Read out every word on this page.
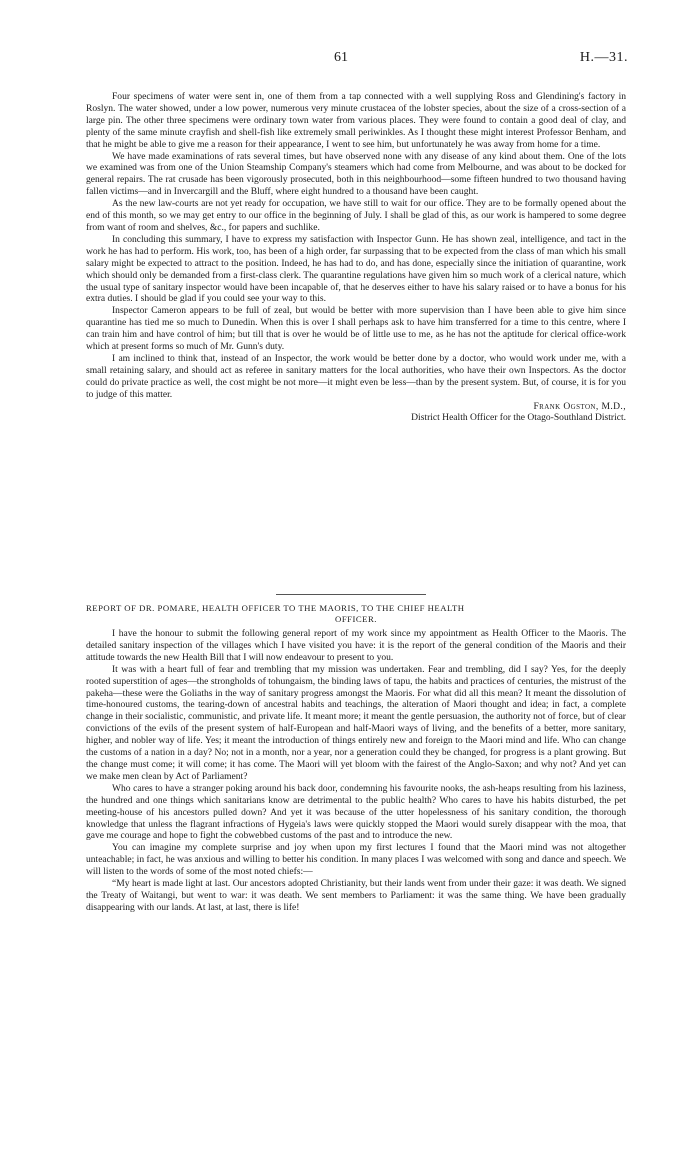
61	H.—31.

Four specimens of water were sent in, one of them from a tap connected with a well supplying Ross and Glendining's factory in Roslyn. The water showed, under a low power, numerous very minute crustacea of the lobster species, about the size of a cross-section of a large pin. The other three specimens were ordinary town water from various places. They were found to contain a good deal of clay, and plenty of the same minute crayfish and shell-fish like extremely small periwinkles. As I thought these might interest Professor Benham, and that he might be able to give me a reason for their appearance, I went to see him, but unfortunately he was away from home for a time.

We have made examinations of rats several times, but have observed none with any disease of any kind about them. One of the lots we examined was from one of the Union Steamship Company's steamers which had come from Melbourne, and was about to be docked for general repairs. The rat crusade has been vigorously prosecuted, both in this neighbourhood—some fifteen hundred to two thousand having fallen victims—and in Invercargill and the Bluff, where eight hundred to a thousand have been caught.

As the new law-courts are not yet ready for occupation, we have still to wait for our office. They are to be formally opened about the end of this month, so we may get entry to our office in the beginning of July. I shall be glad of this, as our work is hampered to some degree from want of room and shelves, &c., for papers and suchlike.

In concluding this summary, I have to express my satisfaction with Inspector Gunn. He has shown zeal, intelligence, and tact in the work he has had to perform. His work, too, has been of a high order, far surpassing that to be expected from the class of man which his small salary might be expected to attract to the position. Indeed, he has had to do, and has done, especially since the initiation of quarantine, work which should only be demanded from a first-class clerk. The quarantine regulations have given him so much work of a clerical nature, which the usual type of sanitary inspector would have been incapable of, that he deserves either to have his salary raised or to have a bonus for his extra duties. I should be glad if you could see your way to this.

Inspector Cameron appears to be full of zeal, but would be better with more supervision than I have been able to give him since quarantine has tied me so much to Dunedin. When this is over I shall perhaps ask to have him transferred for a time to this centre, where I can train him and have control of him; but till that is over he would be of little use to me, as he has not the aptitude for clerical office-work which at present forms so much of Mr. Gunn's duty.

I am inclined to think that, instead of an Inspector, the work would be better done by a doctor, who would work under me, with a small retaining salary, and should act as referee in sanitary matters for the local authorities, who have their own Inspectors. As the doctor could do private practice as well, the cost might be not more—it might even be less—than by the present system. But, of course, it is for you to judge of this matter.

Frank Ogston, M.D.,

District Health Officer for the Otago-Southland District.

REPORT OF DR. POMARE, HEALTH OFFICER TO THE MAORIS, TO THE CHIEF HEALTH
OFFICER.

I have the honour to submit the following general report of my work since my appointment as Health Officer to the Maoris. The detailed sanitary inspection of the villages which I have visited you have: it is the report of the general condition of the Maoris and their attitude towards the new Health Bill that I will now endeavour to present to you.

It was with a heart full of fear and trembling that my mission was undertaken. Fear and trembling, did I say? Yes, for the deeply rooted superstition of ages—the strongholds of tohungaism, the binding laws of tapu, the habits and practices of centuries, the mistrust of the pakeha—these were the Goliaths in the way of sanitary progress amongst the Maoris. For what did all this mean? It meant the dissolution of time-honoured customs, the tearing-down of ancestral habits and teachings, the alteration of Maori thought and idea; in fact, a complete change in their socialistic, communistic, and private life. It meant more; it meant the gentle persuasion, the authority not of force, but of clear convictions of the evils of the present system of half-European and half-Maori ways of living, and the benefits of a better, more sanitary, higher, and nobler way of life. Yes; it meant the introduction of things entirely new and foreign to the Maori mind and life. Who can change the customs of a nation in a day? No; not in a month, nor a year, nor a generation could they be changed, for progress is a plant growing. But the change must come; it will come; it has come. The Maori will yet bloom with the fairest of the Anglo-Saxon; and why not? And yet can we make men clean by Act of Parliament?

Who cares to have a stranger poking around his back door, condemning his favourite nooks, the ash-heaps resulting from his laziness, the hundred and one things which sanitarians know are detrimental to the public health? Who cares to have his habits disturbed, the pet meeting-house of his ancestors pulled down? And yet it was because of the utter hopelessness of his sanitary condition, the thorough knowledge that unless the flagrant infractions of Hygeia's laws were quickly stopped the Maori would surely disappear with the moa, that gave me courage and hope to fight the cobwebbed customs of the past and to introduce the new.

You can imagine my complete surprise and joy when upon my first lectures I found that the Maori mind was not altogether unteachable; in fact, he was anxious and willing to better his condition. In many places I was welcomed with song and dance and speech. We will listen to the words of some of the most noted chiefs:—

“My heart is made light at last. Our ancestors adopted Christianity, but their lands went from under their gaze: it was death. We signed the Treaty of Waitangi, but went to war: it was death. We sent members to Parliament: it was the same thing. We have been gradually disappearing with our lands. At last, at last, there is life!
